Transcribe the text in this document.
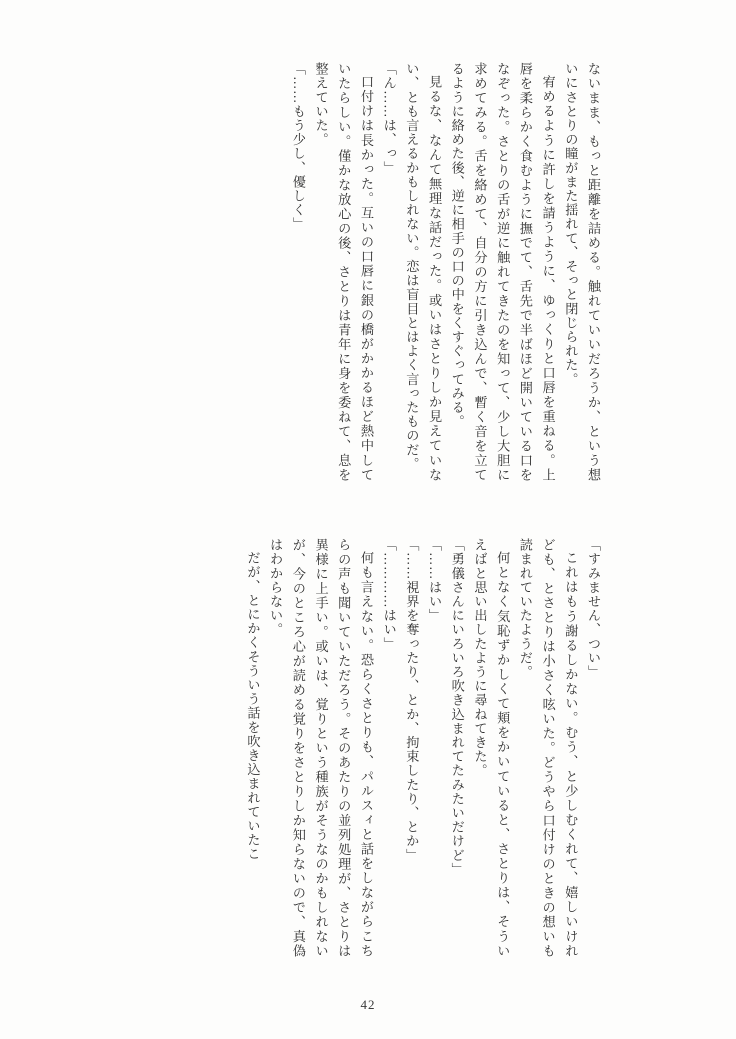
ないまま、もっと距離を詰める。触れていいだろうか、という想いにさとりの瞳がまた揺れて、そっと閉じられた。

宥めるように許しを請うように、ゆっくりと口唇を重ねる。上唇を柔らかく食むように撫でて、舌先で半ばほど開いている口をなぞった。さとりの舌が逆に触れてきたのを知って、少し大胆に求めてみる。舌を絡めて、自分の方に引き込んで、暫く音を立てるように絡めた後、逆に相手の口の中をくすぐってみる。

見るな、なんて無理な話だった。或いはさとりしか見えていない、とも言えるかもしれない。恋は盲目とはよく言ったものだ。

「ん……は、っ」

口付けは長かった。互いの口唇に銀の橋がかかるほど熱中していたらしい。僅かな放心の後、さとりは青年に身を委ねて、息を整えていた。

「……もう少し、優しく」

「すみません、つい」

これはもう謝るしかない。むう、と少しむくれて、嬉しいけれども、とさとりは小さく呟いた。どうやら口付けのときの想いも読まれていたようだ。

何となく気恥ずかしくて頬をかいていると、さとりは、そういえばと思い出したように尋ねてきた。

「勇儀さんにいろいろ吹き込まれてたみたいだけど」

「……はい」

「……視界を奪ったり、とか、拘束したり、とか」

「…………はい」

何も言えない。恐らくさとりも、パルスィと話をしながらこちらの声も聞いていただろう。そのあたりの並列処理が、さとりは異様に上手い。或いは、覚りという種族がそうなのかもしれないが、今のところ心が読める覚りをさとりしか知らないので、真偽はわからない。

だが、とにかくそういう話を吹き込まれていたこ

42
